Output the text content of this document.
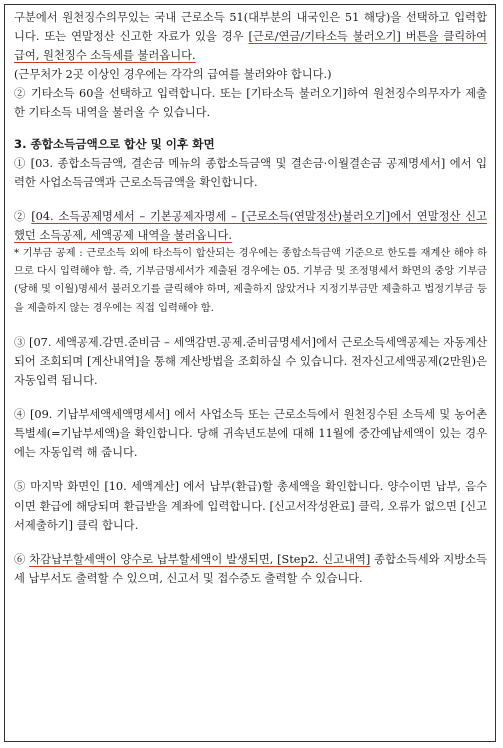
구분에서 원천징수의무있는 국내 근로소득 51(대부분의 내국인은 51 해당)을 선택하고 입력합니다. 또는 연말정산 신고한 자료가 있을 경우 [근로/연금/기타소득 불러오기] 버튼을 클릭하여 급여, 원천징수 소득세를 불러옵니다.

(근무처가 2곳 이상인 경우에는 각각의 급여를 불러와야 합니다.)

② 기타소득 60을 선택하고 입력합니다. 또는 [기타소득 불러오기]하여 원천징수의무자가 제출한 기타소득 내역을 불러올 수 있습니다.

3. 종합소득금액으로 합산 및 이후 화면

① [03. 종합소득금액, 결손금 메뉴의 종합소득금액 및 결손금·이월결손금 공제명세서] 에서 입력한 사업소득금액과 근로소득금액을 확인합니다.

② [04. 소득공제명세서 – 기본공제자명세 – [근로소득(연말정산)불러오기]에서 연말정산 신고했던 소득공제, 세액공제 내역을 불러옵니다.

* 기부금 공제 : 근로소득 외에 타소득이 합산되는 경우에는 종합소득금액 기준으로 한도를 재계산 해야 하므로 다시 입력해야 함. 즉, 기부금명세서가 제출된 경우에는 05. 기부금 및 조정명세서 화면의 중앙 기부금(당해 및 이월)명세서 불러오기를 클릭해야 하며, 제출하지 않았거나 지정기부금만 제출하고 법정기부금 등을 제출하지 않는 경우에는 직접 입력해야 함.

③ [07. 세액공제.감면.준비금 – 세액감면.공제.준비금명세서]에서 근로소득세액공제는 자동계산되어 조회되며 [계산내역]을 통해 계산방법을 조회하실 수 있습니다. 전자신고세액공제(2만원)은 자동입력 됩니다.

④ [09. 기납부세액세액명세서] 에서 사업소득 또는 근로소득에서 원천징수된 소득세 및 농어촌특별세(=기납부세액)을 확인합니다. 당해 귀속년도분에 대해 11월에 중간예납세액이 있는 경우에는 자동입력 해 줍니다.

⑤ 마지막 화면인 [10. 세액계산] 에서 납부(환급)할 총세액을 확인합니다. 양수이면 납부, 음수이면 환급에 해당되며 환급받을 계좌에 입력합니다. [신고서작성완료] 클릭, 오류가 없으면 [신고서제출하기] 클릭 합니다.

⑥ 차감납부할세액이 양수로 납부할세액이 발생되면, [Step2. 신고내역] 종합소득세와 지방소득세 납부서도 출력할 수 있으며, 신고서 및 접수증도 출력할 수 있습니다.
